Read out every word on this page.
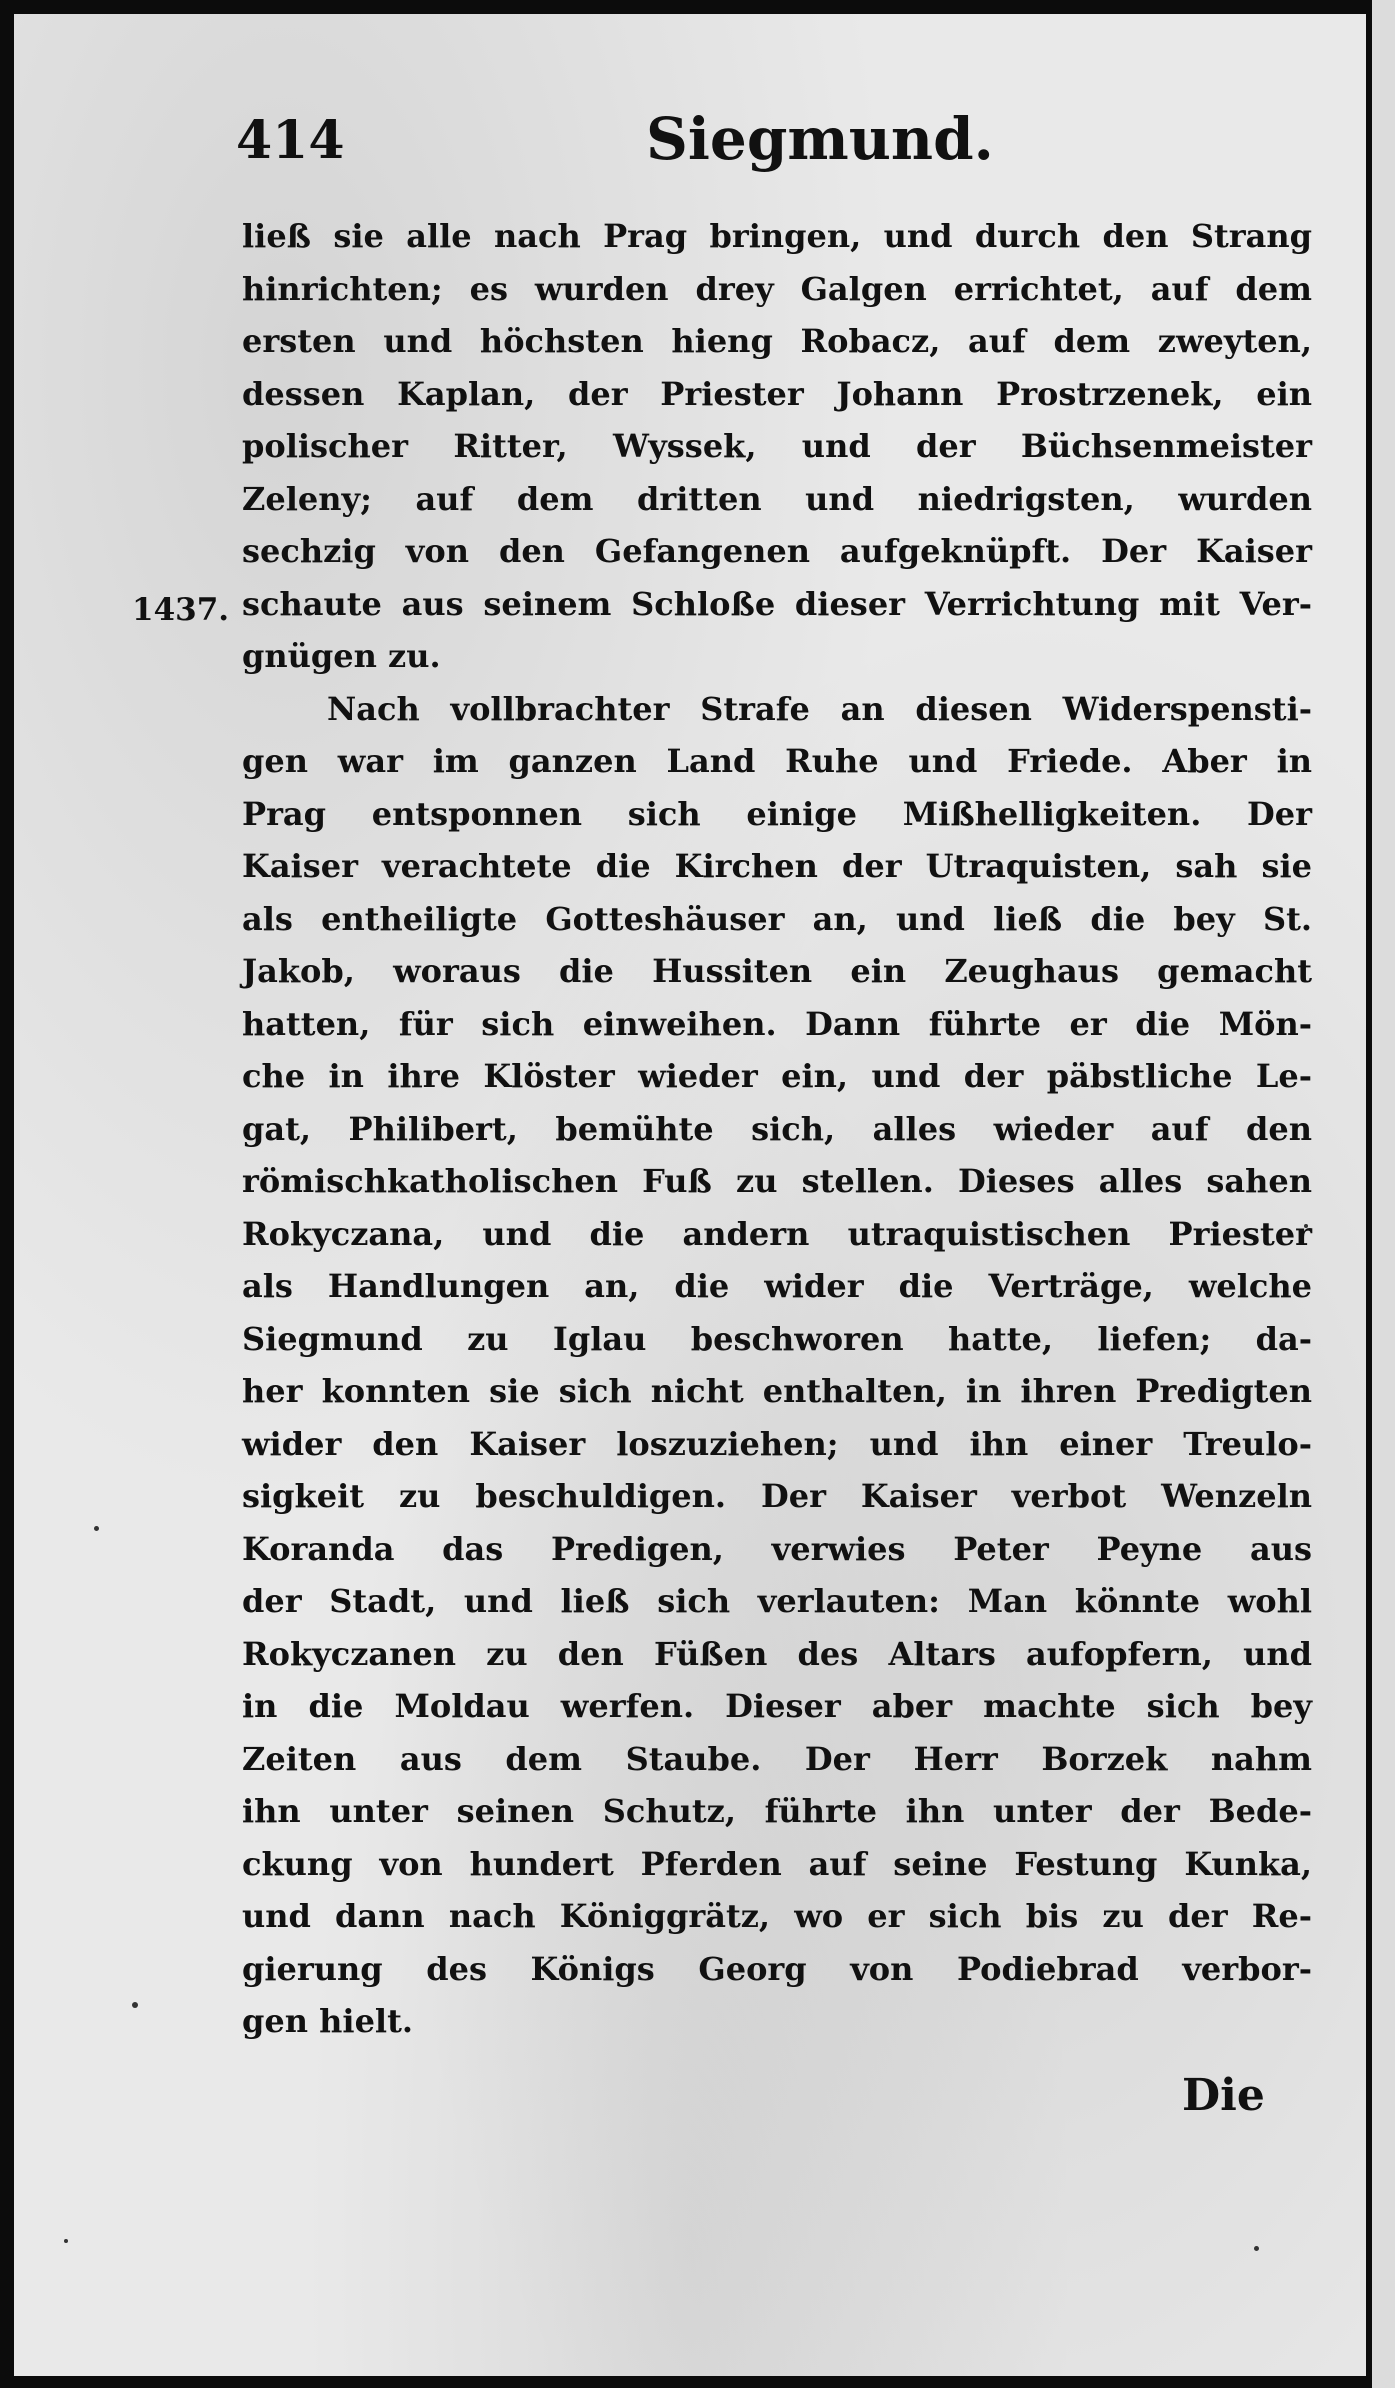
414	Siegmund.
1437.
ließ sie alle nach Prag bringen, und durch den Strang
hinrichten; es wurden drey Galgen errichtet, auf dem
ersten und höchsten hieng Robacz, auf dem zweyten,
dessen Kaplan, der Priester Johann Prostrzenek, ein
polischer Ritter, Wyssek, und der Büchsenmeister
Zeleny; auf dem dritten und niedrigsten, wurden
sechzig von den Gefangenen aufgeknüpft. Der Kaiser
schaute aus seinem Schloße dieser Verrichtung mit Ver-
gnügen zu.
Nach vollbrachter Strafe an diesen Widerspensti-
gen war im ganzen Land Ruhe und Friede. Aber in
Prag entsponnen sich einige Mißhelligkeiten. Der
Kaiser verachtete die Kirchen der Utraquisten, sah sie
als entheiligte Gotteshäuser an, und ließ die bey St.
Jakob, woraus die Hussiten ein Zeughaus gemacht
hatten, für sich einweihen. Dann führte er die Mön-
che in ihre Klöster wieder ein, und der päbstliche Le-
gat, Philibert, bemühte sich, alles wieder auf den
römischkatholischen Fuß zu stellen. Dieses alles sahen
Rokyczana, und die andern utraquistischen Priester
als Handlungen an, die wider die Verträge, welche
Siegmund zu Iglau beschworen hatte, liefen; da-
her konnten sie sich nicht enthalten, in ihren Predigten
wider den Kaiser loszuziehen; und ihn einer Treulo-
sigkeit zu beschuldigen. Der Kaiser verbot Wenzeln
Koranda das Predigen, verwies Peter Peyne aus
der Stadt, und ließ sich verlauten: Man könnte wohl
Rokyczanen zu den Füßen des Altars aufopfern, und
in die Moldau werfen. Dieser aber machte sich bey
Zeiten aus dem Staube. Der Herr Borzek nahm
ihn unter seinen Schutz, führte ihn unter der Bede-
ckung von hundert Pferden auf seine Festung Kunka,
und dann nach Königgrätz, wo er sich bis zu der Re-
gierung des Königs Georg von Podiebrad verbor-
gen hielt.
Die
